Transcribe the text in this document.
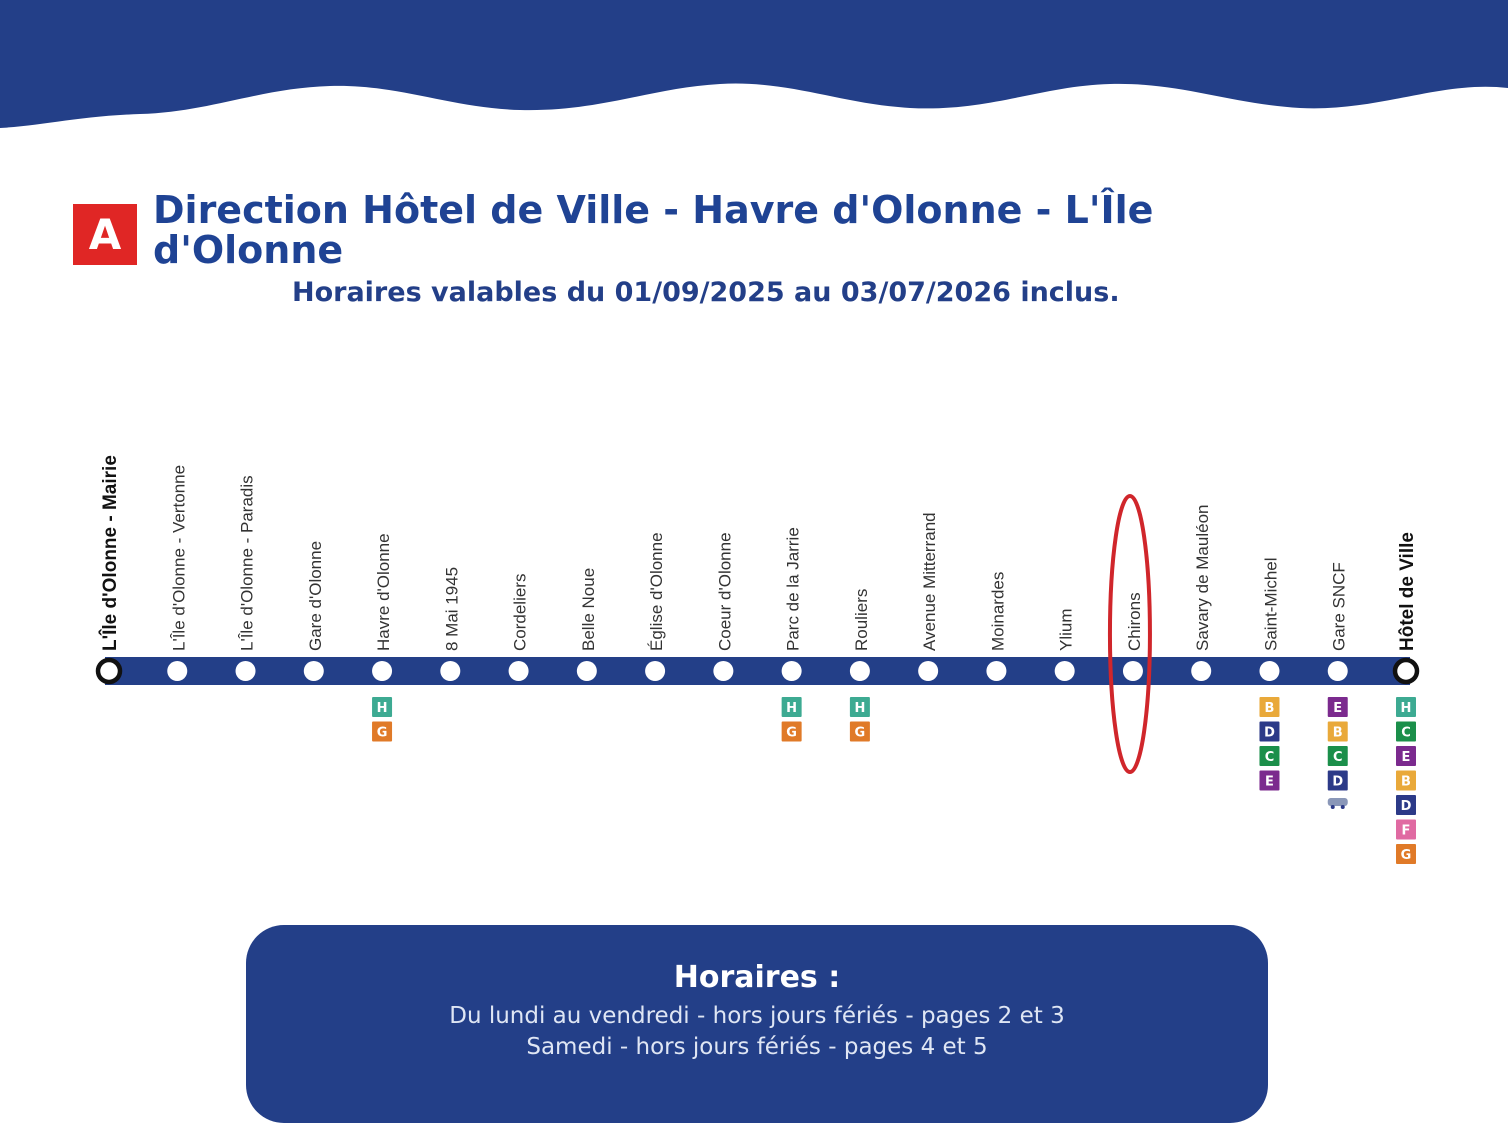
A Direction Hôtel de Ville - Havre d'Olonne - L'Île d'Olonne
Horaires valables du 01/09/2025 au 03/07/2026 inclus.
L'Île d'Olonne - Mairie	L'Île d'Olonne - Vertonne	L'Île d'Olonne - Paradis	Gare d'Olonne	Havre d'Olonne
H
G
8 Mai 1945	Cordeliers	Belle Noue	Église d'Olonne	Coeur d'Olonne	Parc de la Jarrie
H
G
Rouliers
H
G
Avenue Mitterrand	Moinardes	Ylium	Chirons	Savary de Mauléon	Saint-Michel
B
D
C
E
Gare SNCF
E
B
C
D
Hôtel de Ville
H
C
E
B
D
F
G
Horaires :
Du lundi au vendredi - hors jours fériés - pages 2 et 3
Samedi - hors jours fériés - pages 4 et 5
